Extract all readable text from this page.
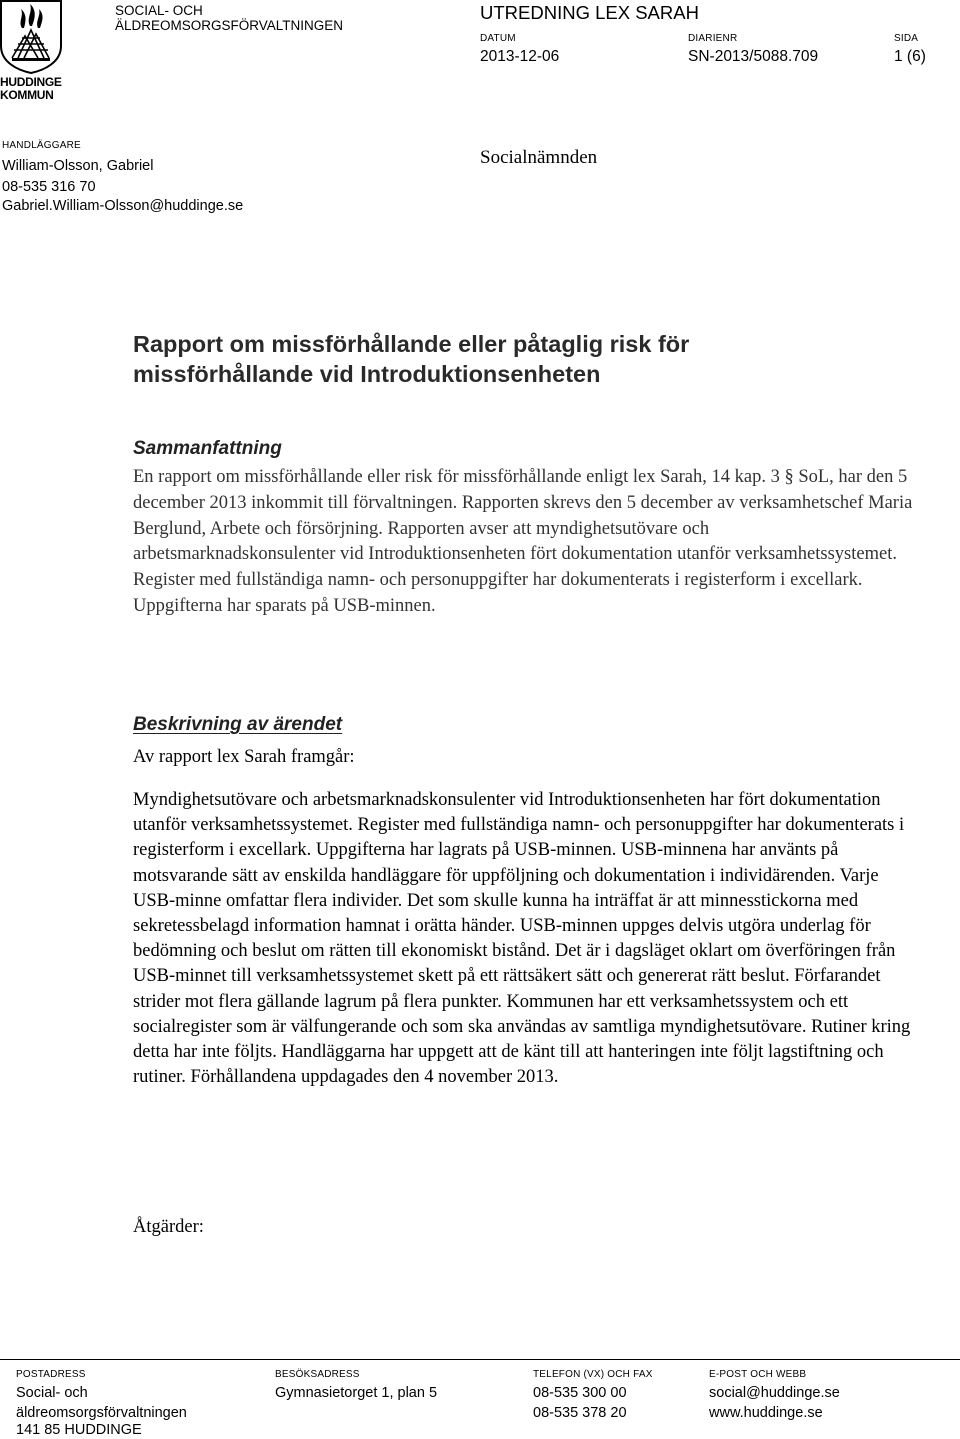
HUDDINGE
KOMMUN
SOCIAL- OCH
ÄLDREOMSORGSFÖRVALTNINGEN
UTREDNING LEX SARAH
DATUM
2013-12-06
DIARIENR
SN-2013/5088.709
SIDA
1 (6)
HANDLÄGGARE
William-Olsson, Gabriel
08-535 316 70
Gabriel.William-Olsson@huddinge.se
Socialnämnden
Rapport om missförhållande eller påtaglig risk för
missförhållande vid Introduktionsenheten
Sammanfattning
En rapport om missförhållande eller risk för missförhållande enligt lex Sarah, 14 kap. 3 § SoL, har den 5 december 2013 inkommit till förvaltningen. Rapporten skrevs den 5 december av verksamhetschef Maria Berglund, Arbete och försörjning. Rapporten avser att myndighetsutövare och arbetsmarknadskonsulenter vid Introduktionsenheten fört dokumentation utanför verksamhetssystemet. Register med fullständiga namn- och personuppgifter har dokumenterats i registerform i excellark. Uppgifterna har sparats på USB-minnen.
Beskrivning av ärendet
Av rapport lex Sarah framgår:
Myndighetsutövare och arbetsmarknadskonsulenter vid Introduktionsenheten har fört dokumentation utanför verksamhetssystemet. Register med fullständiga namn- och personuppgifter har dokumenterats i registerform i excellark. Uppgifterna har lagrats på USB-minnen. USB-minnena har använts på motsvarande sätt av enskilda handläggare för uppföljning och dokumentation i individärenden. Varje USB-minne omfattar flera individer. Det som skulle kunna ha inträffat är att minnesstickorna med sekretessbelagd information hamnat i orätta händer. USB-minnen uppges delvis utgöra underlag för bedömning och beslut om rätten till ekonomiskt bistånd. Det är i dagsläget oklart om överföringen från USB-minnet till verksamhetssystemet skett på ett rättsäkert sätt och genererat rätt beslut. Förfarandet strider mot flera gällande lagrum på flera punkter. Kommunen har ett verksamhetssystem och ett socialregister som är välfungerande och som ska användas av samtliga myndighetsutövare. Rutiner kring detta har inte följts. Handläggarna har uppgett att de känt till att hanteringen inte följt lagstiftning och rutiner. Förhållandena uppdagades den 4 november 2013.
Åtgärder:
POSTADRESS
Social- och
äldreomsorgsförvaltningen
141 85 HUDDINGE
BESÖKSADRESS
Gymnasietorget 1, plan 5
TELEFON (VX) OCH FAX
08-535 300 00
08-535 378 20
E-POST OCH WEBB
social@huddinge.se
www.huddinge.se
